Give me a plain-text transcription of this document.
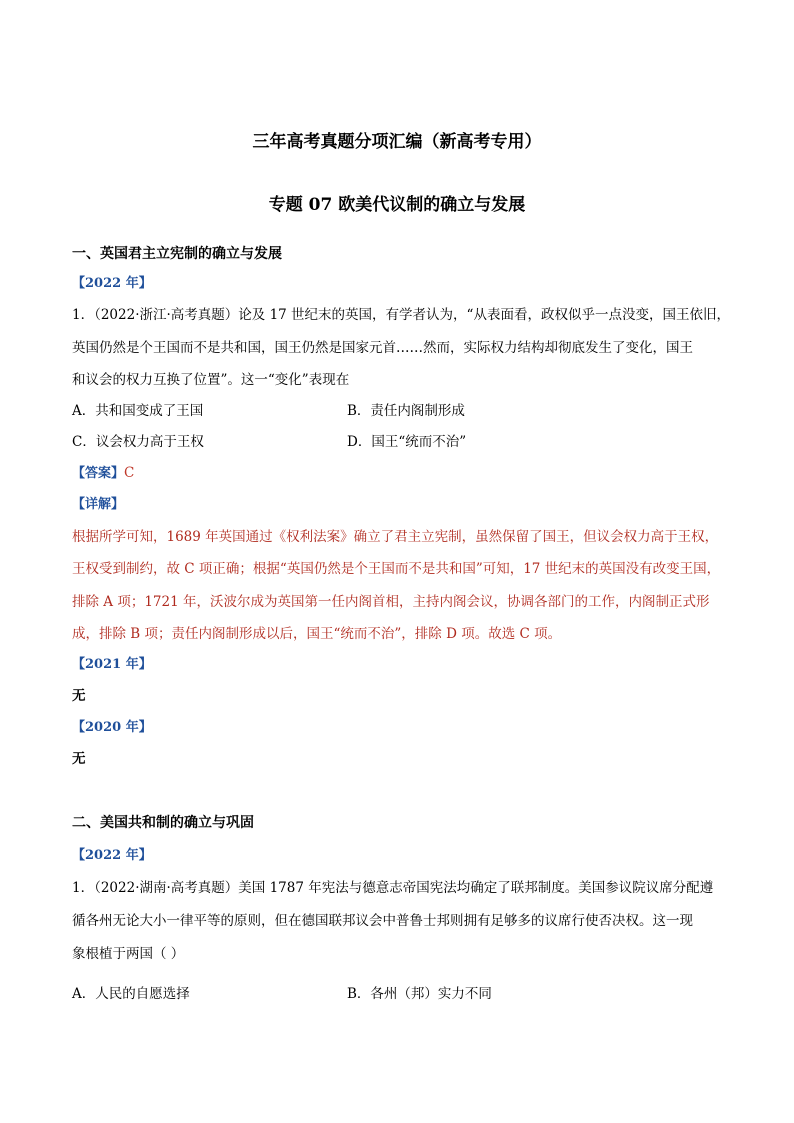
三年高考真题分项汇编（新高考专用）
专题 07 欧美代议制的确立与发展
一、英国君主立宪制的确立与发展
【2022 年】
1．（2022·浙江·高考真题）论及 17 世纪末的英国，有学者认为，“从表面看，政权似乎一点没变，国王依旧，
英国仍然是个王国而不是共和国，国王仍然是国家元首……然而，实际权力结构却彻底发生了变化，国王
和议会的权力互换了位置”。这一“变化”表现在
A．共和国变成了王国	B．责任内阁制形成
C．议会权力高于王权	D．国王“统而不治”
【答案】C
【详解】
根据所学可知，1689 年英国通过《权利法案》确立了君主立宪制，虽然保留了国王，但议会权力高于王权，
王权受到制约，故 C 项正确；根据“英国仍然是个王国而不是共和国”可知，17 世纪末的英国没有改变王国，
排除 A 项；1721 年，沃波尔成为英国第一任内阁首相，主持内阁会议，协调各部门的工作，内阁制正式形
成，排除 B 项；责任内阁制形成以后，国王“统而不治”，排除 D 项。故选 C 项。
【2021 年】
无
【2020 年】
无
二、美国共和制的确立与巩固
【2022 年】
1．（2022·湖南·高考真题）美国 1787 年宪法与德意志帝国宪法均确定了联邦制度。美国参议院议席分配遵
循各州无论大小一律平等的原则，但在德国联邦议会中普鲁士邦则拥有足够多的议席行使否决权。这一现
象根植于两国（ ）
A．人民的自愿选择	B．各州（邦）实力不同
